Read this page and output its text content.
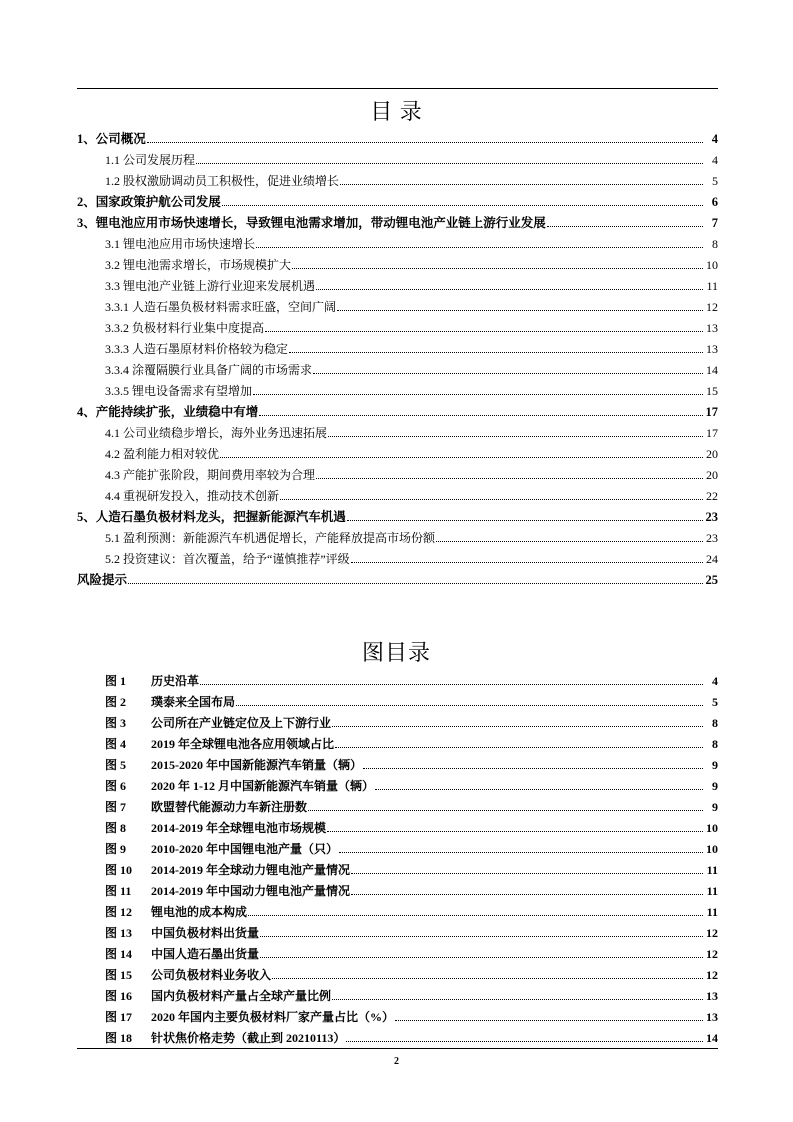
目 录
1、公司概况	4
1.1 公司发展历程	4
1.2 股权激励调动员工积极性，促进业绩增长	5
2、国家政策护航公司发展	6
3、锂电池应用市场快速增长，导致锂电池需求增加，带动锂电池产业链上游行业发展	7
3.1 锂电池应用市场快速增长	8
3.2 锂电池需求增长，市场规模扩大	10
3.3 锂电池产业链上游行业迎来发展机遇	11
3.3.1 人造石墨负极材料需求旺盛，空间广阔	12
3.3.2 负极材料行业集中度提高	13
3.3.3 人造石墨原材料价格较为稳定	13
3.3.4 涂覆隔膜行业具备广阔的市场需求	14
3.3.5 锂电设备需求有望增加	15
4、产能持续扩张，业绩稳中有增	17
4.1 公司业绩稳步增长，海外业务迅速拓展	17
4.2 盈利能力相对较优	20
4.3 产能扩张阶段，期间费用率较为合理	20
4.4 重视研发投入，推动技术创新	22
5、人造石墨负极材料龙头，把握新能源汽车机遇	23
5.1 盈利预测：新能源汽车机遇促增长，产能释放提高市场份额	23
5.2 投资建议：首次覆盖，给予“谨慎推荐”评级	24
风险提示	25
图目录
图 1 历史沿革	4
图 2 璞泰来全国布局	5
图 3 公司所在产业链定位及上下游行业	8
图 4 2019 年全球锂电池各应用领域占比	8
图 5 2015-2020 年中国新能源汽车销量（辆）	9
图 6 2020 年 1-12 月中国新能源汽车销量（辆）	9
图 7 欧盟替代能源动力车新注册数	9
图 8 2014-2019 年全球锂电池市场规模	10
图 9 2010-2020 年中国锂电池产量（只）	10
图 10 2014-2019 年全球动力锂电池产量情况	11
图 11 2014-2019 年中国动力锂电池产量情况	11
图 12 锂电池的成本构成	11
图 13 中国负极材料出货量	12
图 14 中国人造石墨出货量	12
图 15 公司负极材料业务收入	12
图 16 国内负极材料产量占全球产量比例	13
图 17 2020 年国内主要负极材料厂家产量占比（%）	13
图 18 针状焦价格走势（截止到 20210113）	14
2
